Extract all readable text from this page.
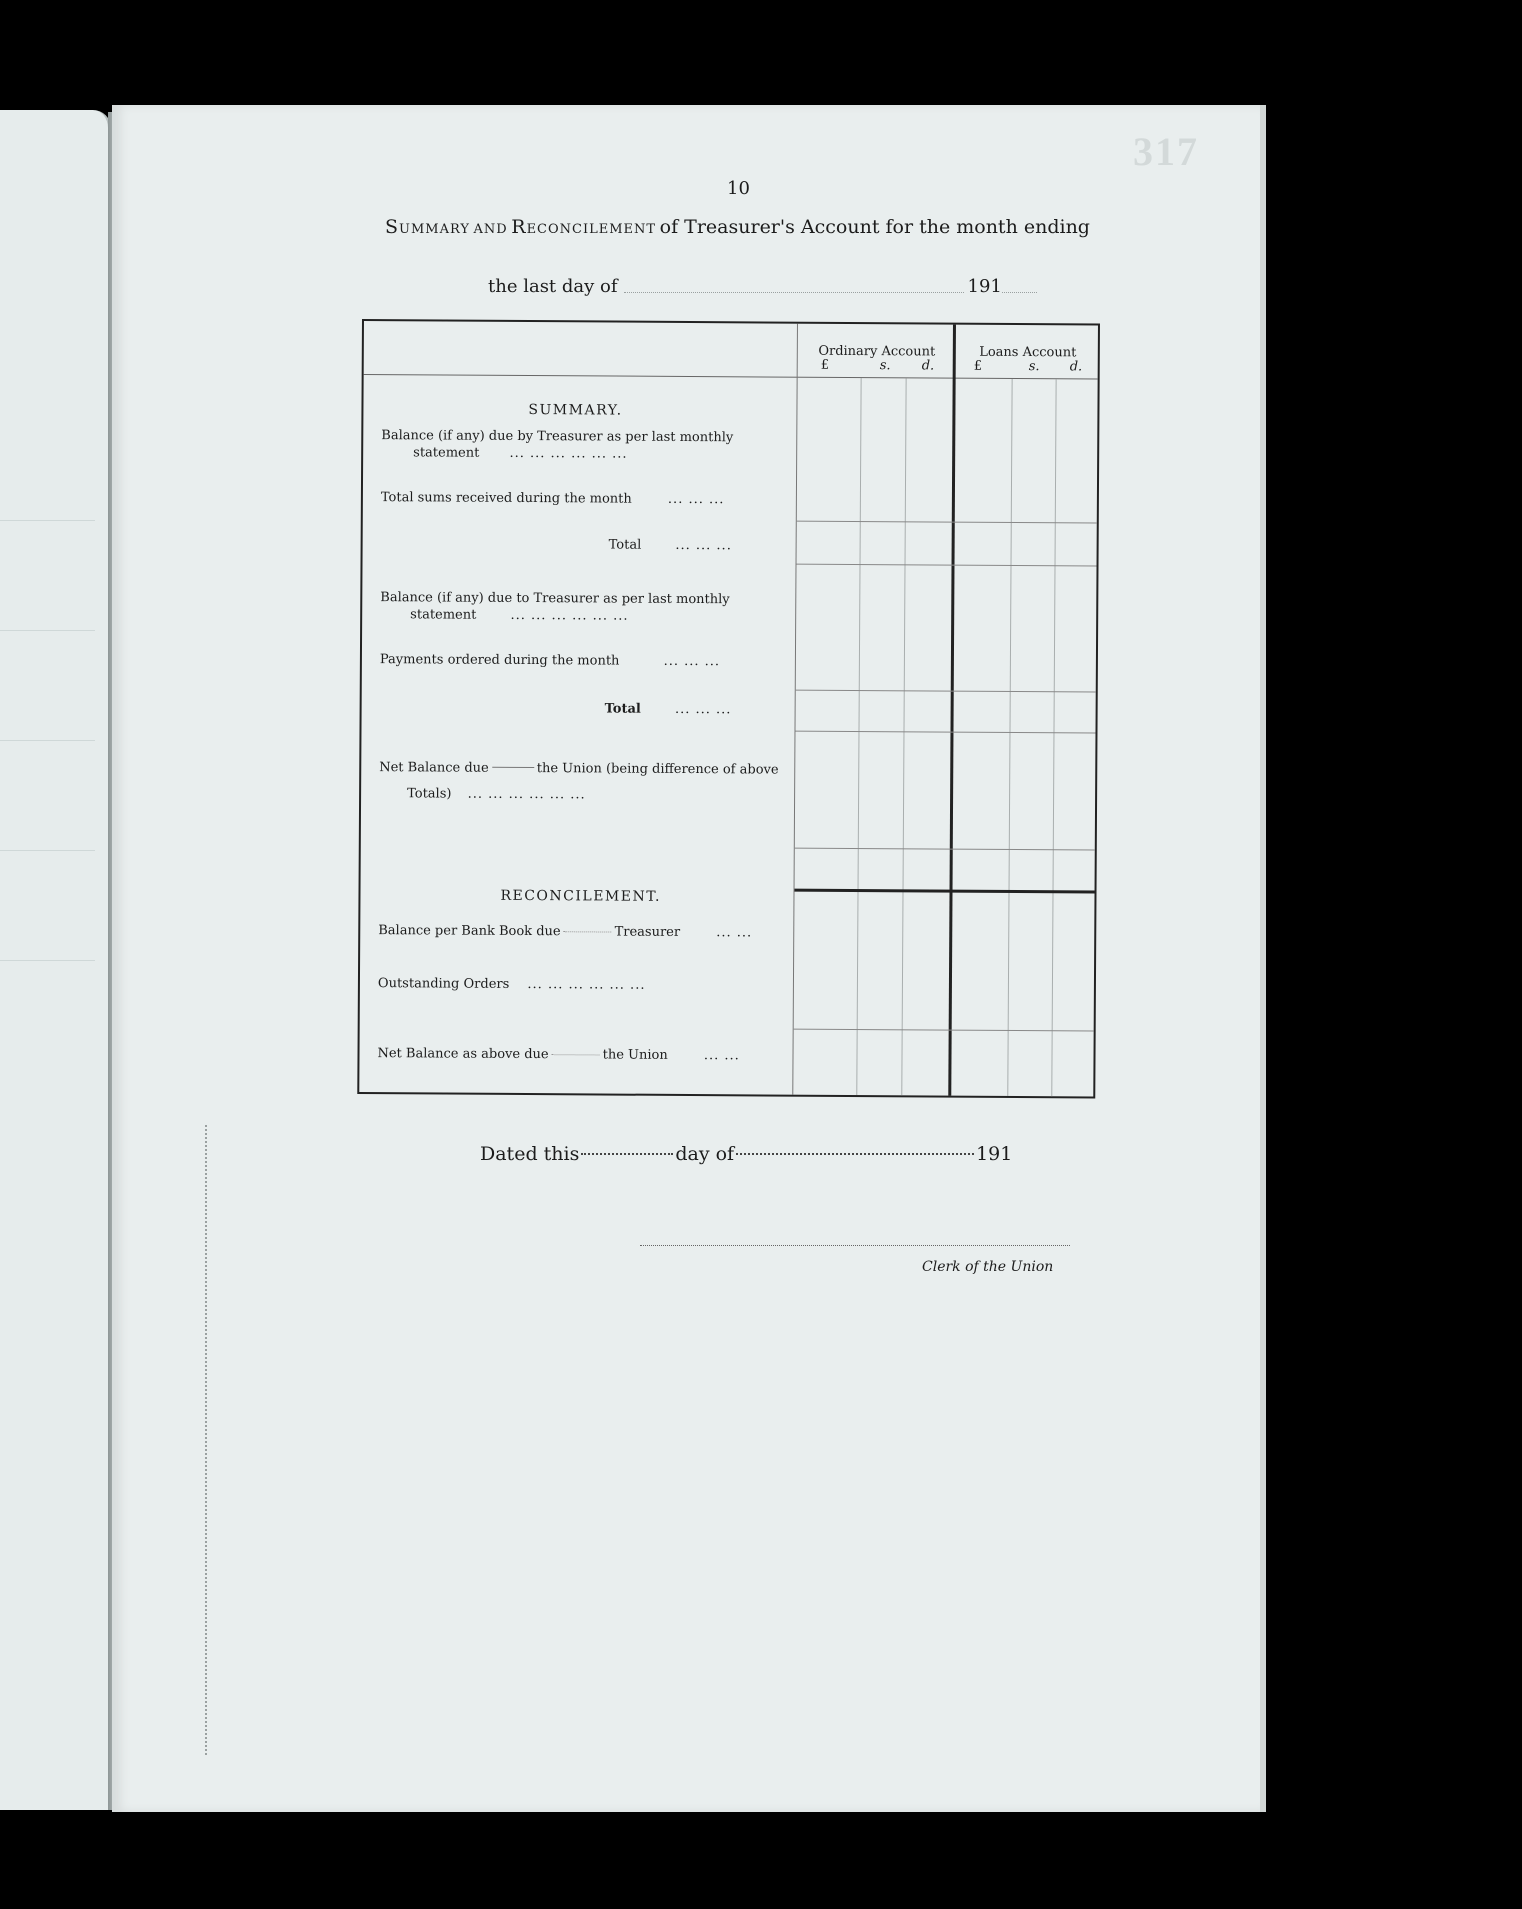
317
10
Summary and Reconcilement of Treasurer's Account for the month ending
the last day of	191
Ordinary Account	Loans Account
£	s. d.	£	s. d.
SUMMARY.
Balance (if any) due by Treasurer as per last monthly
statement ... ... ... ... ... ...
Total sums received during the month	... ... ...
Total	... ... ...
Balance (if any) due to Treasurer as per last monthly
statement	... ... ... ... ... ...
Payments ordered during the month	... ... ...
Total	... ... ...
Net Balance due	the Union (being difference of above
Totals) ... ... ... ... ... ...
RECONCILEMENT.
Balance per Bank Book due	Treasurer	... ...
Outstanding Orders ... ... ... ... ... ...
Net Balance as above due	the Union	... ...
Dated this	day of	191
Clerk of the Union
